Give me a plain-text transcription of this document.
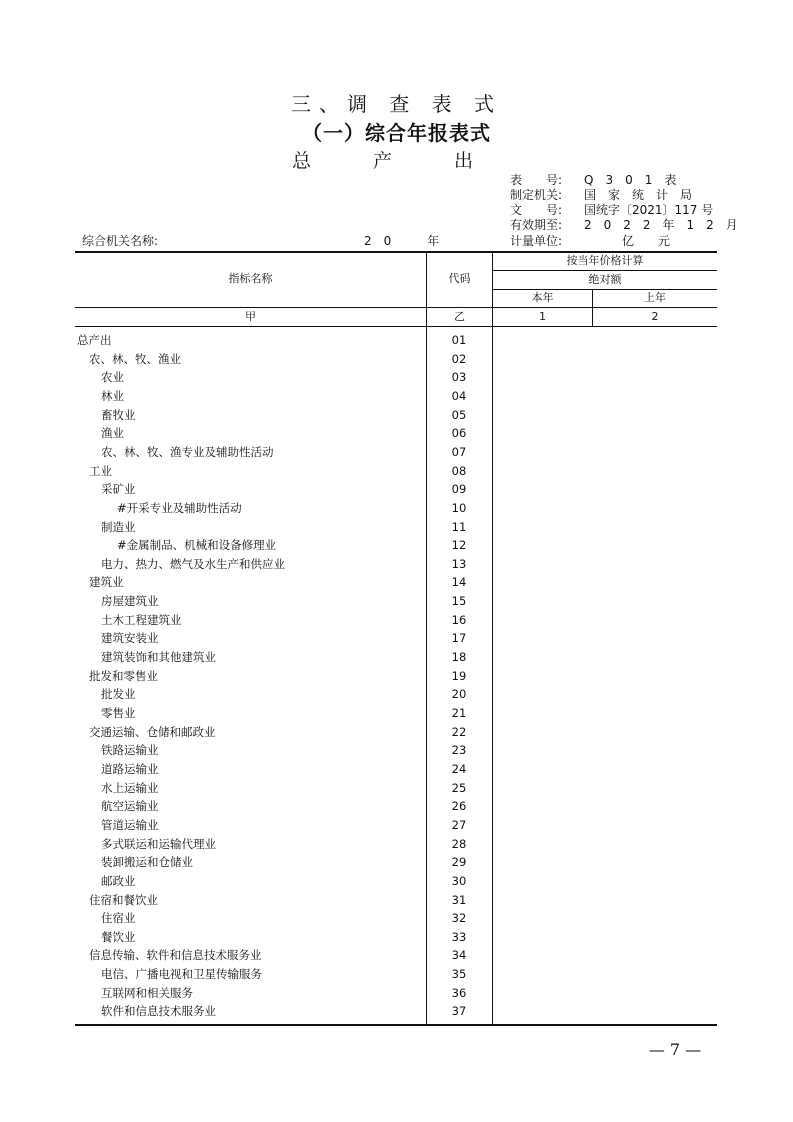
三、调 查 表 式
（一）综合年报表式
总 产 出
表　　号: Q　3　0　1　表
制定机关: 国　家　统　计　局
文　　号: 国统字〔2021〕117 号
有效期至: 2　0　2　2　年　1　2　月
计量单位:	亿　　元
综合机关名称:	2　0　　　年
指标名称	代码
按当年价格计算
绝对额
本年	上年
甲	乙	1	2
总产出	01
农、林、牧、渔业	02
农业	03
林业	04
畜牧业	05
渔业	06
农、林、牧、渔专业及辅助性活动	07
工业	08
采矿业	09
#开采专业及辅助性活动	10
制造业	11
#金属制品、机械和设备修理业	12
电力、热力、燃气及水生产和供应业	13
建筑业	14
房屋建筑业	15
土木工程建筑业	16
建筑安装业	17
建筑装饰和其他建筑业	18
批发和零售业	19
批发业	20
零售业	21
交通运输、仓储和邮政业	22
铁路运输业	23
道路运输业	24
水上运输业	25
航空运输业	26
管道运输业	27
多式联运和运输代理业	28
装卸搬运和仓储业	29
邮政业	30
住宿和餐饮业	31
住宿业	32
餐饮业	33
信息传输、软件和信息技术服务业	34
电信、广播电视和卫星传输服务	35
互联网和相关服务	36
软件和信息技术服务业	37
— 7 —
